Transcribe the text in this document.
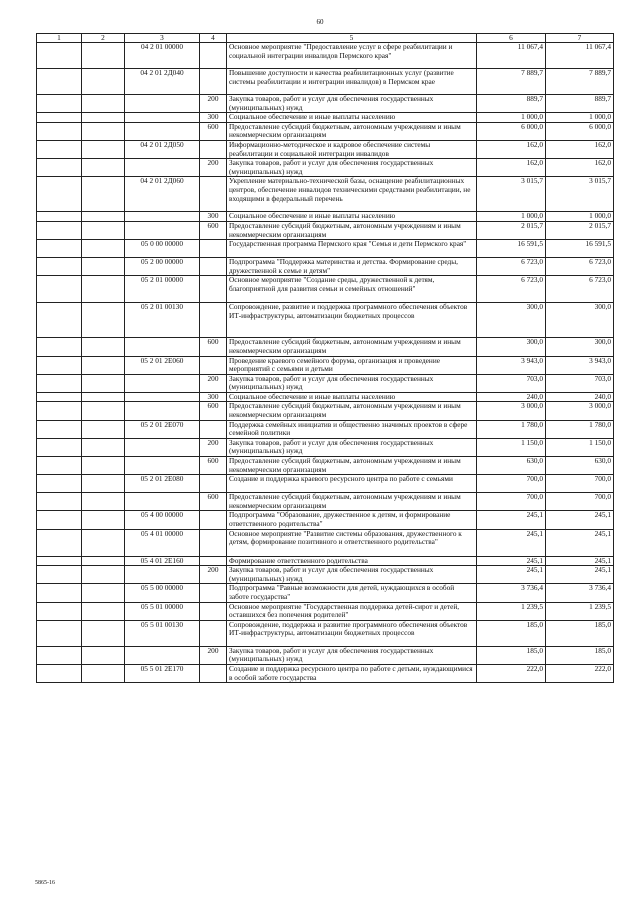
60
1	2	3	4	5	6	7
		04 2 01 00000		Основное мероприятие "Предоставление услуг в сфере реабилитации и социальной интеграции инвалидов Пермского края"	11 067,4	11 067,4
		04 2 01 2Д040		Повышение доступности и качества реабилитационных услуг (развитие системы реабилитации и интеграции инвалидов) в Пермском крае	7 889,7	7 889,7
			200	Закупка товаров, работ и услуг для обеспечения государственных (муниципальных) нужд	889,7	889,7
			300	Социальное обеспечение и иные выплаты населению	1 000,0	1 000,0
			600	Предоставление субсидий бюджетным, автономным учреждениям и иным некоммерческим организациям	6 000,0	6 000,0
		04 2 01 2Д050		Информационно-методическое и кадровое обеспечение системы реабилитации и социальной интеграции инвалидов	162,0	162,0
			200	Закупка товаров, работ и услуг для обеспечения государственных (муниципальных) нужд	162,0	162,0
		04 2 01 2Д060		Укрепление материально-технической базы, оснащение реабилитационных центров, обеспечение инвалидов техническими средствами реабилитации, не входящими в федеральный перечень	3 015,7	3 015,7
			300	Социальное обеспечение и иные выплаты населению	1 000,0	1 000,0
			600	Предоставление субсидий бюджетным, автономным учреждениям и иным некоммерческим организациям	2 015,7	2 015,7
		05 0 00 00000		Государственная программа Пермского края "Семья и дети Пермского края"	16 591,5	16 591,5
		05 2 00 00000		Подпрограмма "Поддержка материнства и детства. Формирование среды, дружественной к семье и детям"	6 723,0	6 723,0
		05 2 01 00000		Основное мероприятие "Создание среды, дружественной к детям, благоприятной для развития семьи и семейных отношений"	6 723,0	6 723,0
		05 2 01 00130		Сопровождение, развитие и поддержка программного обеспечения объектов ИТ-инфраструктуры, автоматизации бюджетных процессов	300,0	300,0
			600	Предоставление субсидий бюджетным, автономным учреждениям и иным некоммерческим организациям	300,0	300,0
		05 2 01 2Е060		Проведение краевого семейного форума, организация и проведение мероприятий с семьями и детьми	3 943,0	3 943,0
			200	Закупка товаров, работ и услуг для обеспечения государственных (муниципальных) нужд	703,0	703,0
			300	Социальное обеспечение и иные выплаты населению	240,0	240,0
			600	Предоставление субсидий бюджетным, автономным учреждениям и иным некоммерческим организациям	3 000,0	3 000,0
		05 2 01 2Е070		Поддержка семейных инициатив и общественно значимых проектов в сфере семейной политики	1 780,0	1 780,0
			200	Закупка товаров, работ и услуг для обеспечения государственных (муниципальных) нужд	1 150,0	1 150,0
			600	Предоставление субсидий бюджетным, автономным учреждениям и иным некоммерческим организациям	630,0	630,0
		05 2 01 2Е080		Создание и поддержка краевого ресурсного центра по работе с семьями	700,0	700,0
			600	Предоставление субсидий бюджетным, автономным учреждениям и иным некоммерческим организациям	700,0	700,0
		05 4 00 00000		Подпрограмма "Образование, дружественное к детям, и формирование ответственного родительства"	245,1	245,1
		05 4 01 00000		Основное мероприятие "Развитие системы образования, дружественного к детям, формирование позитивного и ответственного родительства"	245,1	245,1
		05 4 01 2Е160		Формирование ответственного родительства	245,1	245,1
			200	Закупка товаров, работ и услуг для обеспечения государственных (муниципальных) нужд	245,1	245,1
		05 5 00 00000		Подпрограмма "Равные возможности для детей, нуждающихся в особой заботе государства"	3 736,4	3 736,4
		05 5 01 00000		Основное мероприятие "Государственная поддержка детей-сирот и детей, оставшихся без попечения родителей"	1 239,5	1 239,5
		05 5 01 00130		Сопровождение, поддержка и развитие программного обеспечения объектов ИТ-инфраструктуры, автоматизации бюджетных процессов	185,0	185,0
			200	Закупка товаров, работ и услуг для обеспечения государственных (муниципальных) нужд	185,0	185,0
		05 5 01 2Е170		Создание и поддержка ресурсного центра по работе с детьми, нуждающимися в особой заботе государства	222,0	222,0
5865-16
